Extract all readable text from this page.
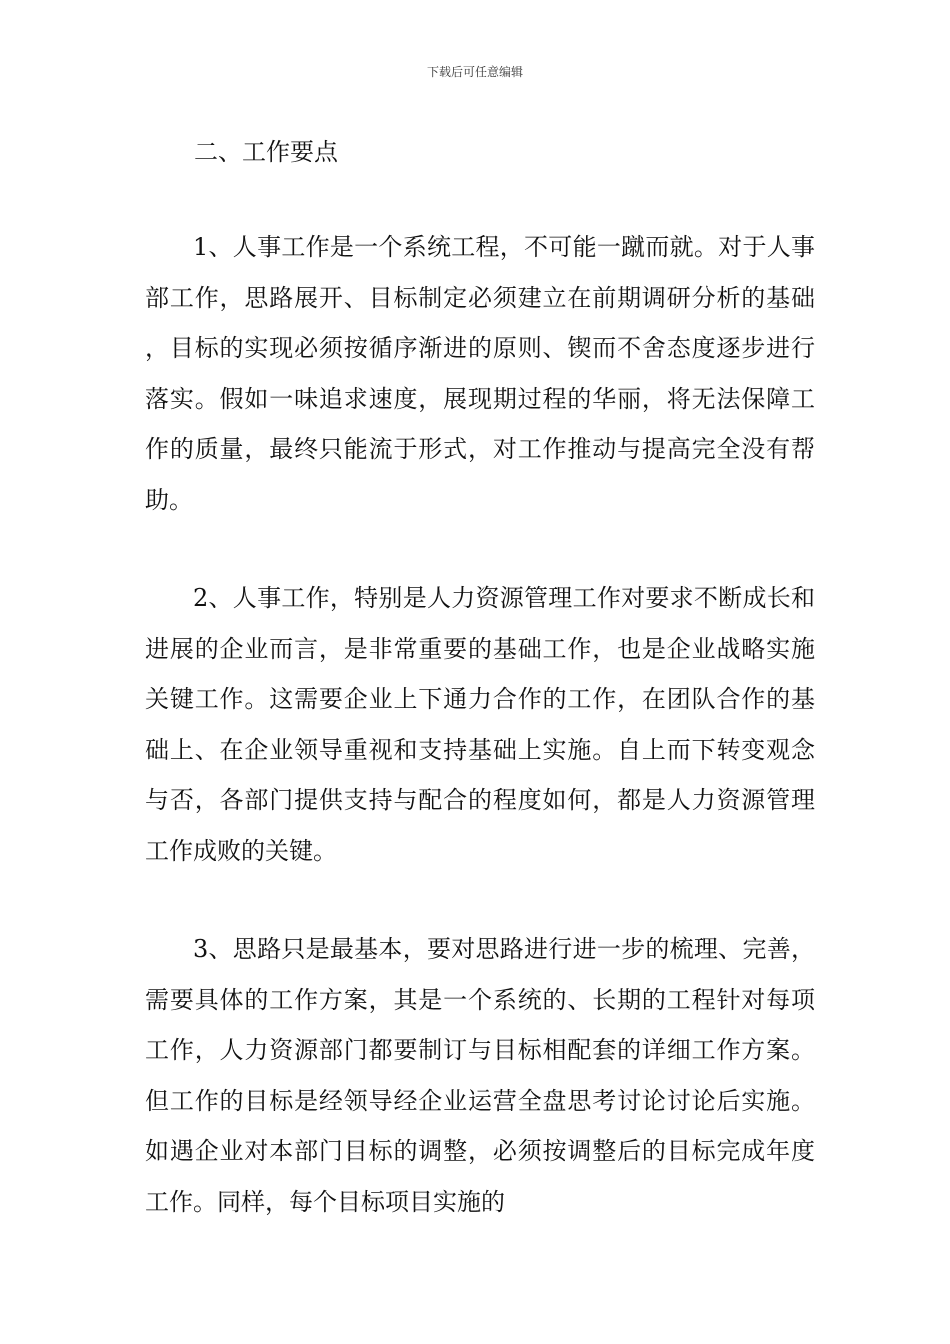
下载后可任意编辑
二、工作要点

1、人事工作是一个系统工程，不可能一蹴而就。对于人事部工作，思路展开、目标制定必须建立在前期调研分析的基础，目标的实现必须按循序渐进的原则、锲而不舍态度逐步进行落实。假如一味追求速度，展现期过程的华丽，将无法保障工作的质量，最终只能流于形式，对工作推动与提高完全没有帮助。

2、人事工作，特别是人力资源管理工作对要求不断成长和进展的企业而言，是非常重要的基础工作，也是企业战略实施关键工作。这需要企业上下通力合作的工作，在团队合作的基础上、在企业领导重视和支持基础上实施。自上而下转变观念与否，各部门提供支持与配合的程度如何，都是人力资源管理工作成败的关键。

3、思路只是最基本，要对思路进行进一步的梳理、完善，需要具体的工作方案，其是一个系统的、长期的工程针对每项工作，人力资源部门都要制订与目标相配套的详细工作方案。但工作的目标是经领导经企业运营全盘思考讨论讨论后实施。如遇企业对本部门目标的调整，必须按调整后的目标完成年度工作。同样，每个目标项目实施的
